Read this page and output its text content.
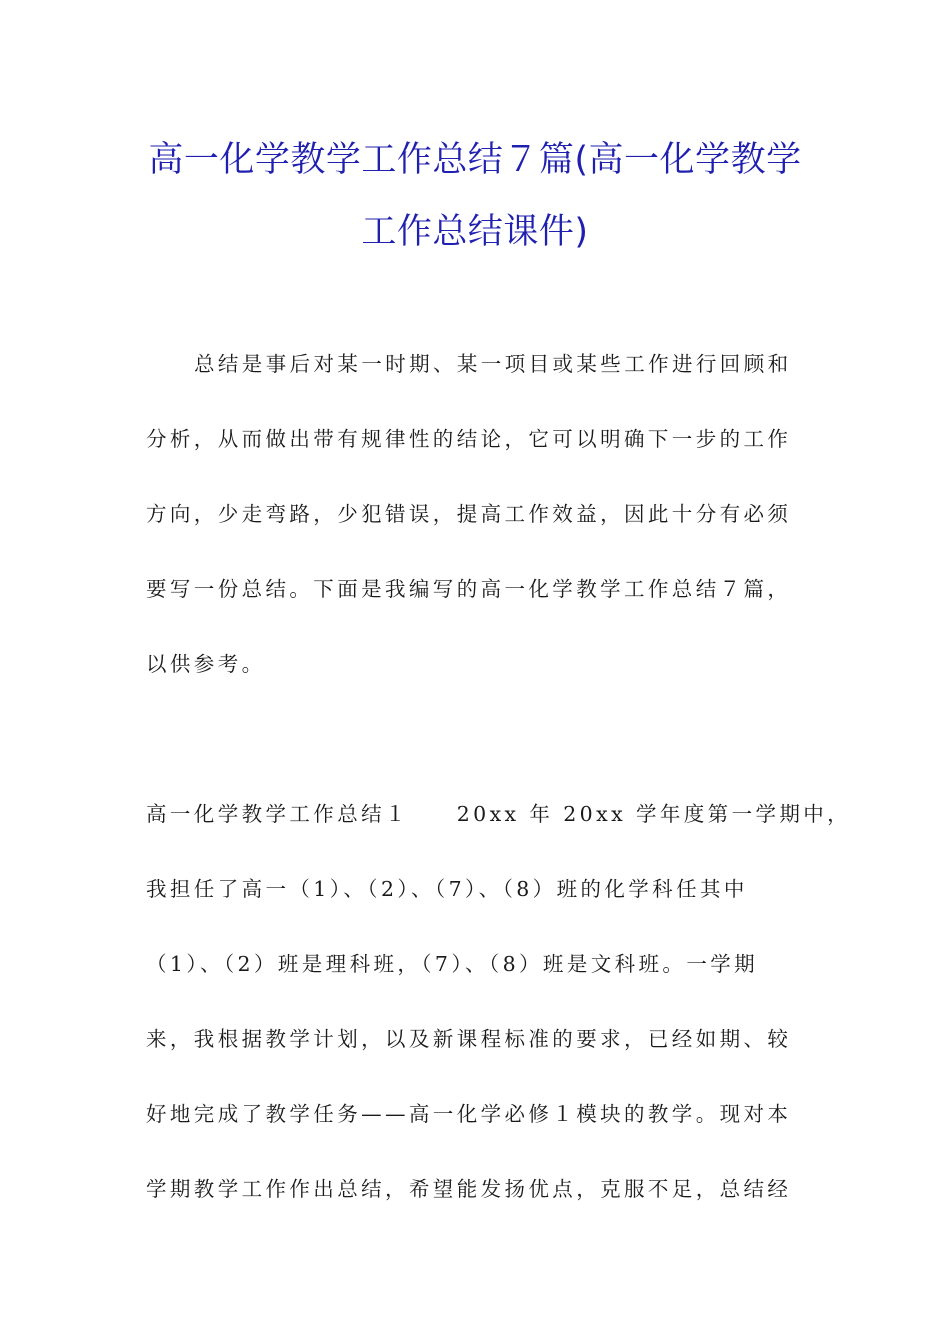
高一化学教学工作总结７篇(高一化学教学
工作总结课件)
总结是事后对某一时期、某一项目或某些工作进行回顾和
分析，从而做出带有规律性的结论，它可以明确下一步的工作
方向，少走弯路，少犯错误，提高工作效益，因此十分有必须
要写一份总结。下面是我编写的高一化学教学工作总结７篇，
以供参考。
高一化学教学工作总结１　　20xx 年 20xx 学年度第一学期中，
我担任了高一（1）、（2）、（7）、（8）班的化学科任其中
（1）、（2）班是理科班，（7）、（8）班是文科班。一学期
来，我根据教学计划，以及新课程标准的要求，已经如期、较
好地完成了教学任务——高一化学必修１模块的教学。现对本
学期教学工作作出总结，希望能发扬优点，克服不足，总结经
